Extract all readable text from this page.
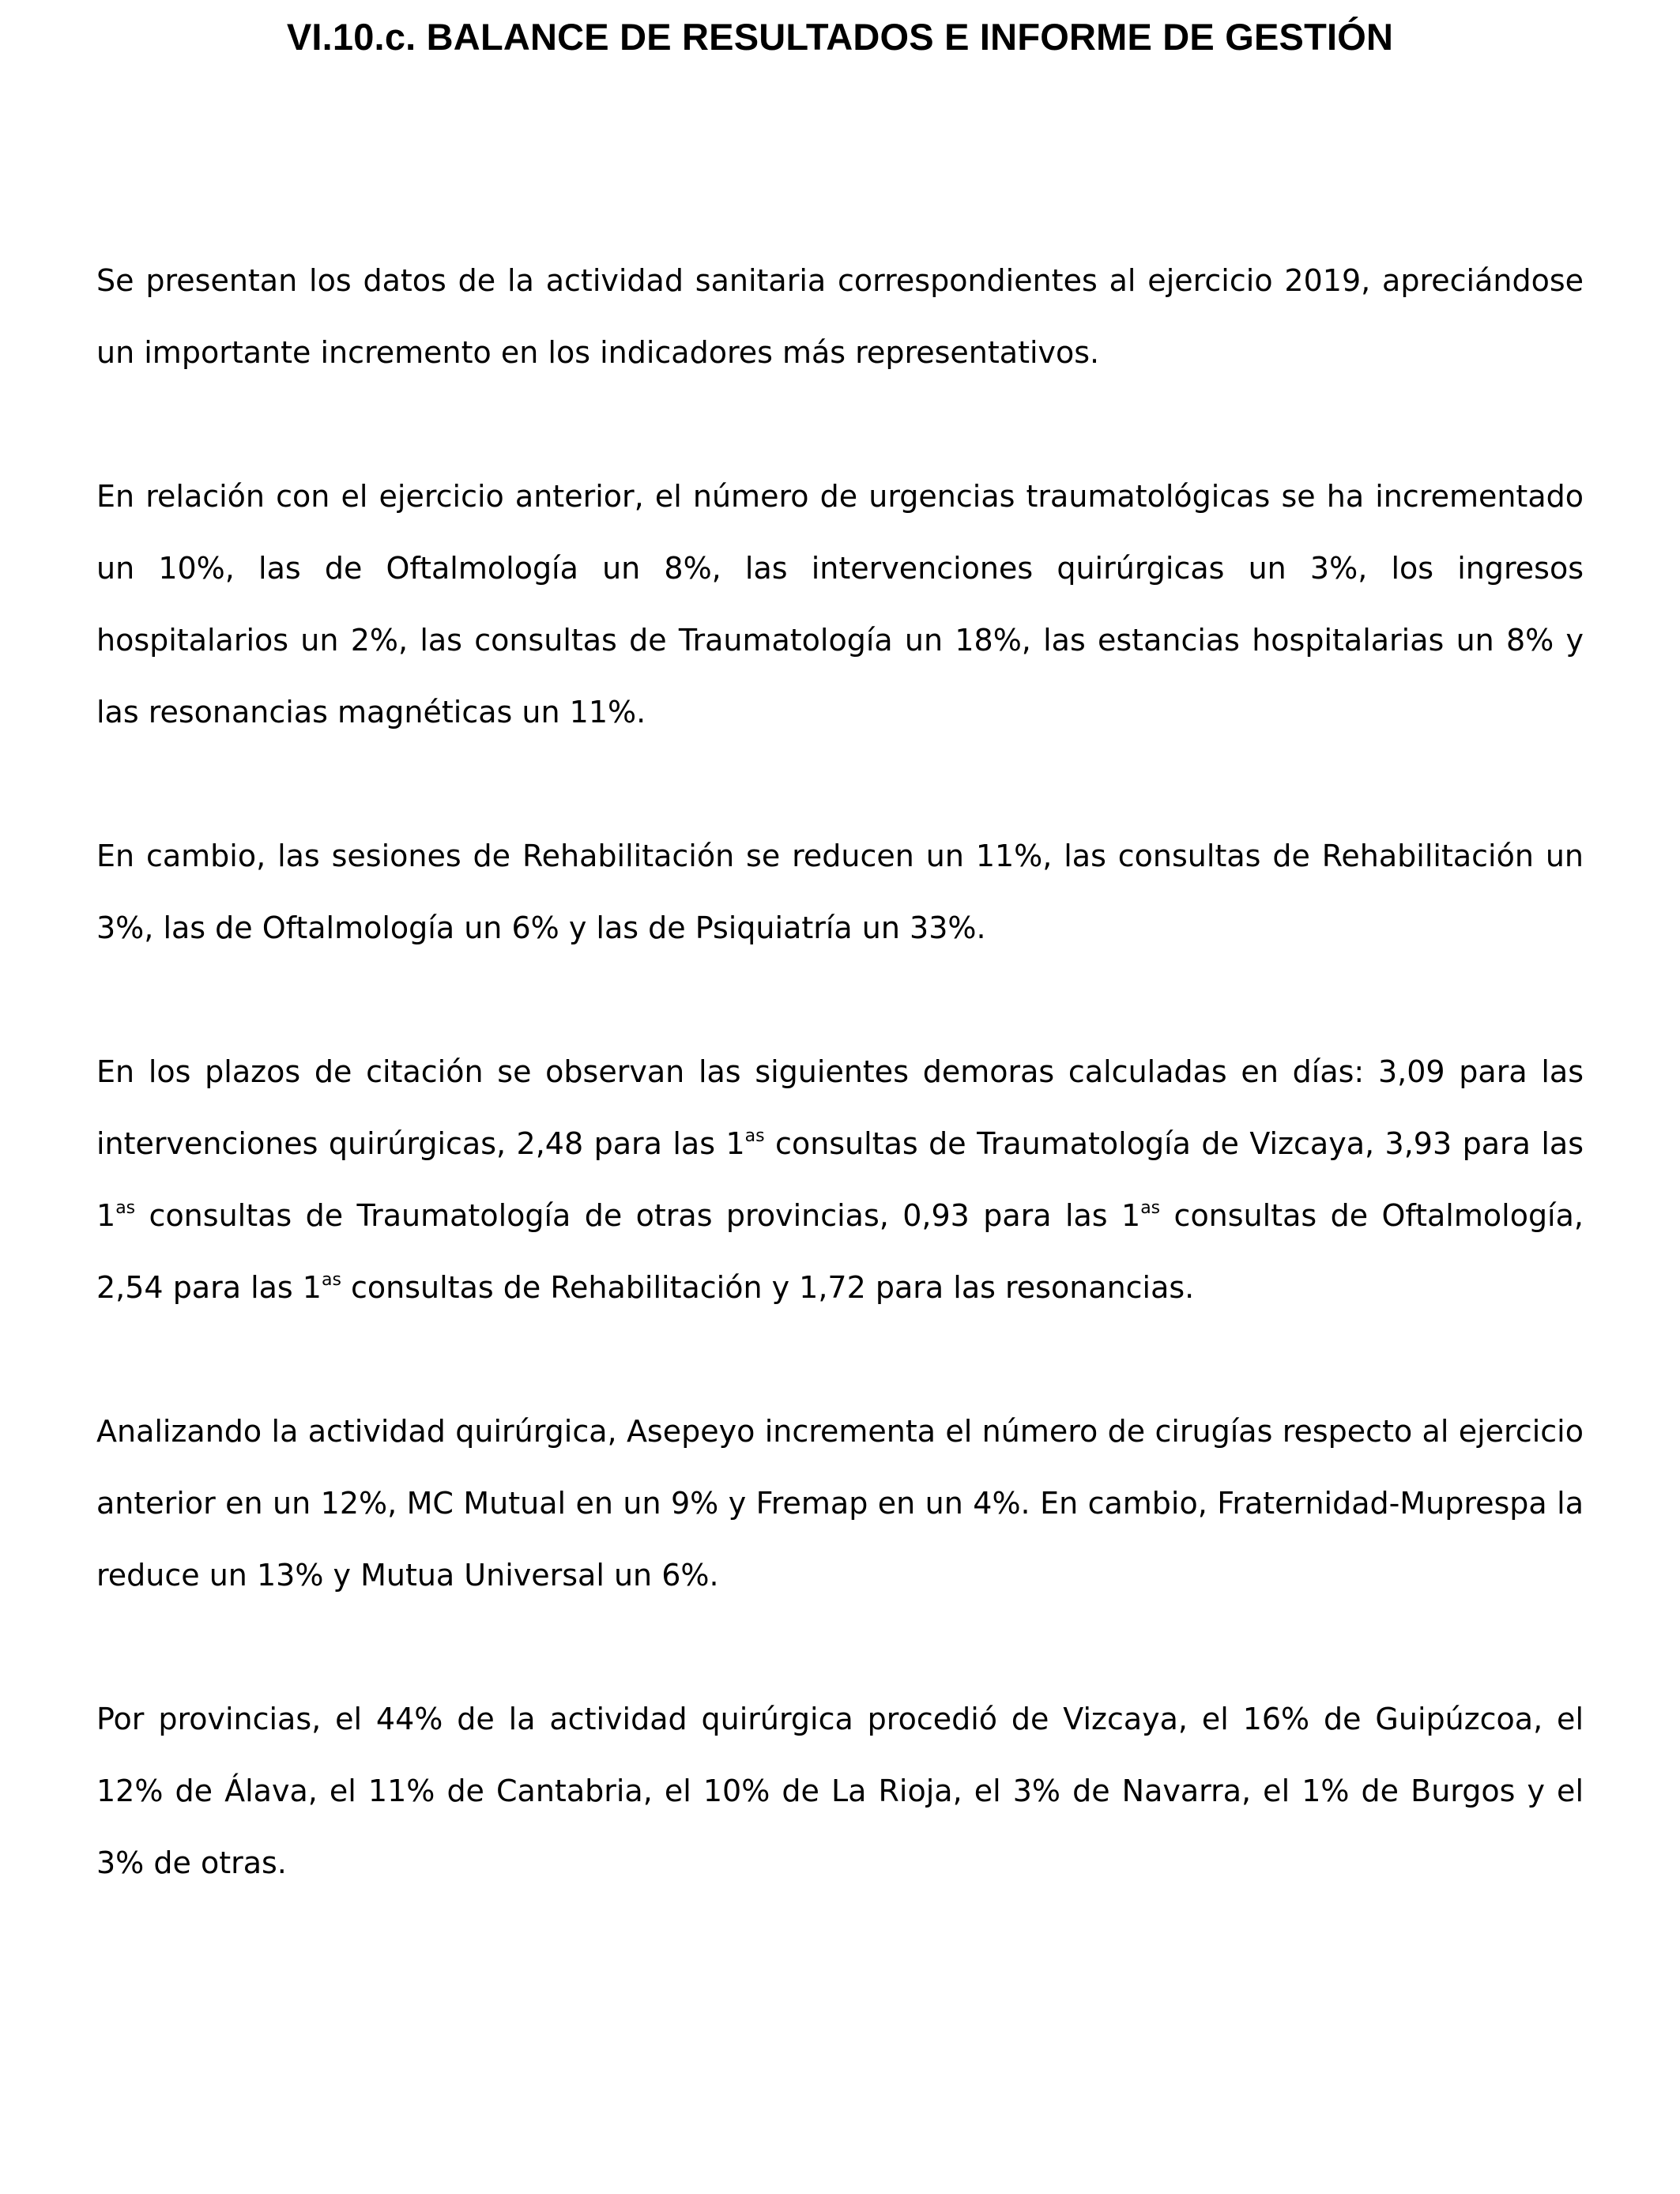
VI.10.c. BALANCE DE RESULTADOS E INFORME DE GESTIÓN

Se presentan los datos de la actividad sanitaria correspondientes al ejercicio 2019, apreciándose un importante incremento en los indicadores más representativos.

En relación con el ejercicio anterior, el número de urgencias traumatológicas se ha incrementado un 10%, las de Oftalmología un 8%, las intervenciones quirúrgicas un 3%, los ingresos hospitalarios un 2%, las consultas de Traumatología un 18%, las estancias hospitalarias un 8% y las resonancias magnéticas un 11%.

En cambio, las sesiones de Rehabilitación se reducen un 11%, las consultas de Rehabilitación un 3%, las de Oftalmología un 6% y las de Psiquiatría un 33%.

En los plazos de citación se observan las siguientes demoras calculadas en días: 3,09 para las intervenciones quirúrgicas, 2,48 para las $1^{as}$ consultas de Traumatología de Vizcaya, 3,93 para las $1^{as}$ consultas de Traumatología de otras provincias, 0,93 para las $1^{as}$ consultas de Oftalmología, 2,54 para las $1^{as}$ consultas de Rehabilitación y 1,72 para las resonancias.

Analizando la actividad quirúrgica, Asepeyo incrementa el número de cirugías respecto al ejercicio anterior en un 12%, MC Mutual en un 9% y Fremap en un 4%. En cambio, Fraternidad-Muprespa la reduce un 13% y Mutua Universal un 6%.

Por provincias, el 44% de la actividad quirúrgica procedió de Vizcaya, el 16% de Guipúzcoa, el 12% de Álava, el 11% de Cantabria, el 10% de La Rioja, el 3% de Navarra, el 1% de Burgos y el 3% de otras.
